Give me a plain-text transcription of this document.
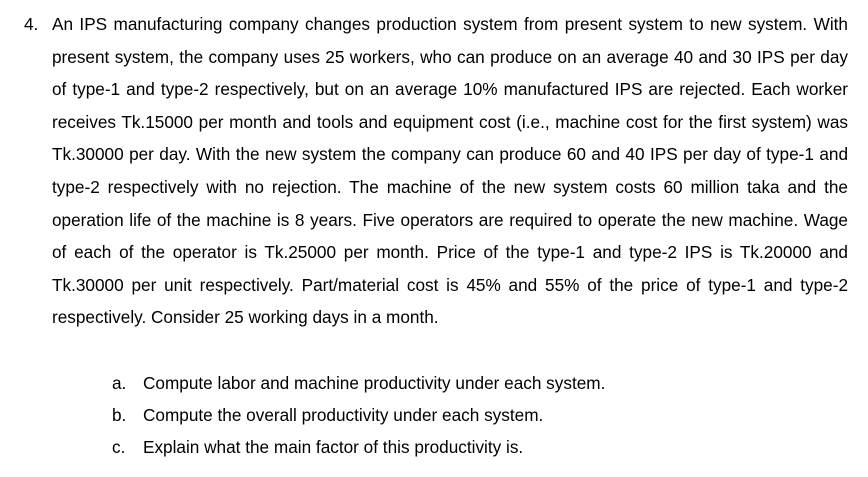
4. An IPS manufacturing company changes production system from present system to new system. With present system, the company uses 25 workers, who can produce on an average 40 and 30 IPS per day of type-1 and type-2 respectively, but on an average 10% manufactured IPS are rejected. Each worker receives Tk.15000 per month and tools and equipment cost (i.e., machine cost for the first system) was Tk.30000 per day. With the new system the company can produce 60 and 40 IPS per day of type-1 and type-2 respectively with no rejection. The machine of the new system costs 60 million taka and the operation life of the machine is 8 years. Five operators are required to operate the new machine. Wage of each of the operator is Tk.25000 per month. Price of the type-1 and type-2 IPS is Tk.20000 and Tk.30000 per unit respectively. Part/material cost is 45% and 55% of the price of type-1 and type-2 respectively. Consider 25 working days in a month.
a. Compute labor and machine productivity under each system.
b. Compute the overall productivity under each system.
c.	Explain what the main factor of this productivity is.
